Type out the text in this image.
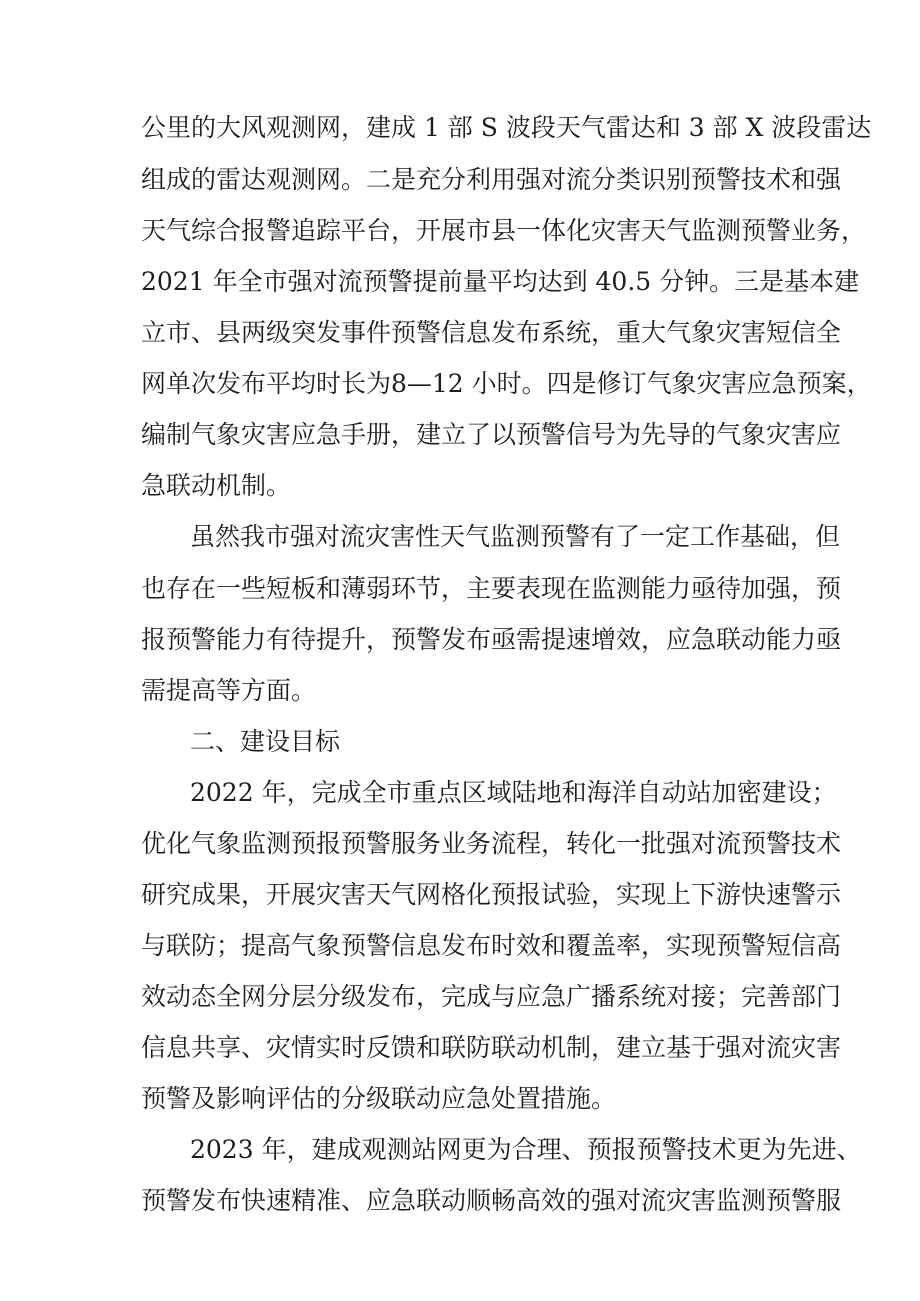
公里的大风观测网，建成 1 部 S 波段天气雷达和 3 部 X 波段雷达
组成的雷达观测网。二是充分利用强对流分类识别预警技术和强
天气综合报警追踪平台，开展市县一体化灾害天气监测预警业务，
2021 年全市强对流预警提前量平均达到 40.5 分钟。三是基本建
立市、县两级突发事件预警信息发布系统，重大气象灾害短信全
网单次发布平均时长为8—12 小时。四是修订气象灾害应急预案，
编制气象灾害应急手册，建立了以预警信号为先导的气象灾害应
急联动机制。
虽然我市强对流灾害性天气监测预警有了一定工作基础，但
也存在一些短板和薄弱环节，主要表现在监测能力亟待加强，预
报预警能力有待提升，预警发布亟需提速增效，应急联动能力亟
需提高等方面。
二、建设目标
2022 年，完成全市重点区域陆地和海洋自动站加密建设；
优化气象监测预报预警服务业务流程，转化一批强对流预警技术
研究成果，开展灾害天气网格化预报试验，实现上下游快速警示
与联防；提高气象预警信息发布时效和覆盖率，实现预警短信高
效动态全网分层分级发布，完成与应急广播系统对接；完善部门
信息共享、灾情实时反馈和联防联动机制，建立基于强对流灾害
预警及影响评估的分级联动应急处置措施。
2023 年，建成观测站网更为合理、预报预警技术更为先进、
预警发布快速精准、应急联动顺畅高效的强对流灾害监测预警服
